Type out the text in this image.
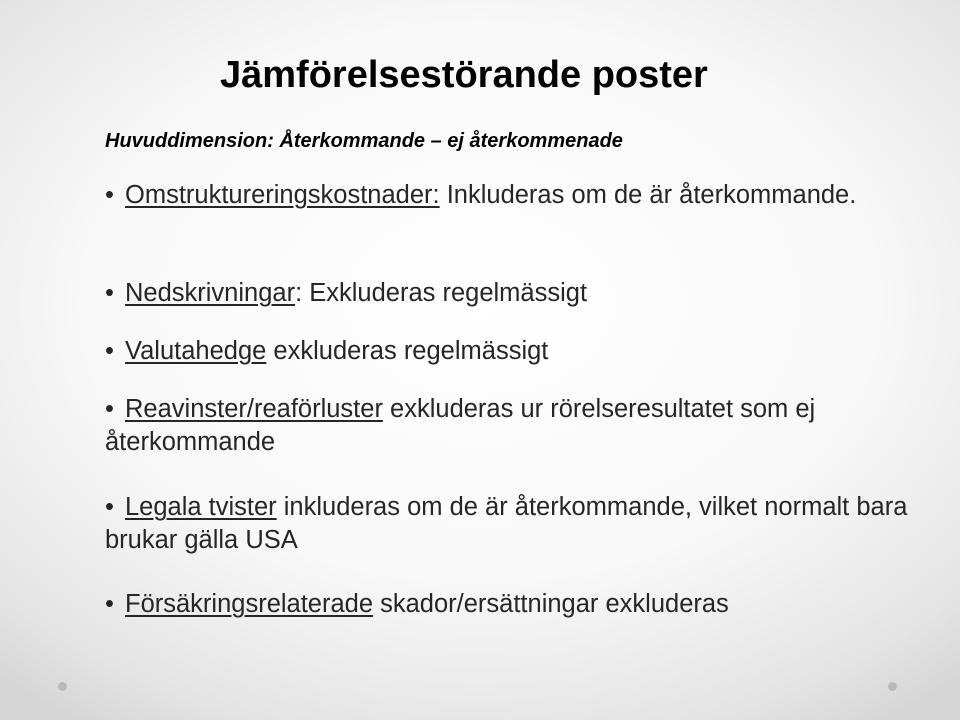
Jämförelsestörande poster

Huvuddimension: Återkommande – ej återkommenade

• Omstruktureringskostnader: Inkluderas om de är återkommande.
• Nedskrivningar: Exkluderas regelmässigt
• Valutahedge exkluderas regelmässigt
• Reavinster/reaförluster exkluderas ur rörelseresultatet som ej återkommande
• Legala tvister inkluderas om de är återkommande, vilket normalt bara brukar gälla USA
• Försäkringsrelaterade skador/ersättningar exkluderas
